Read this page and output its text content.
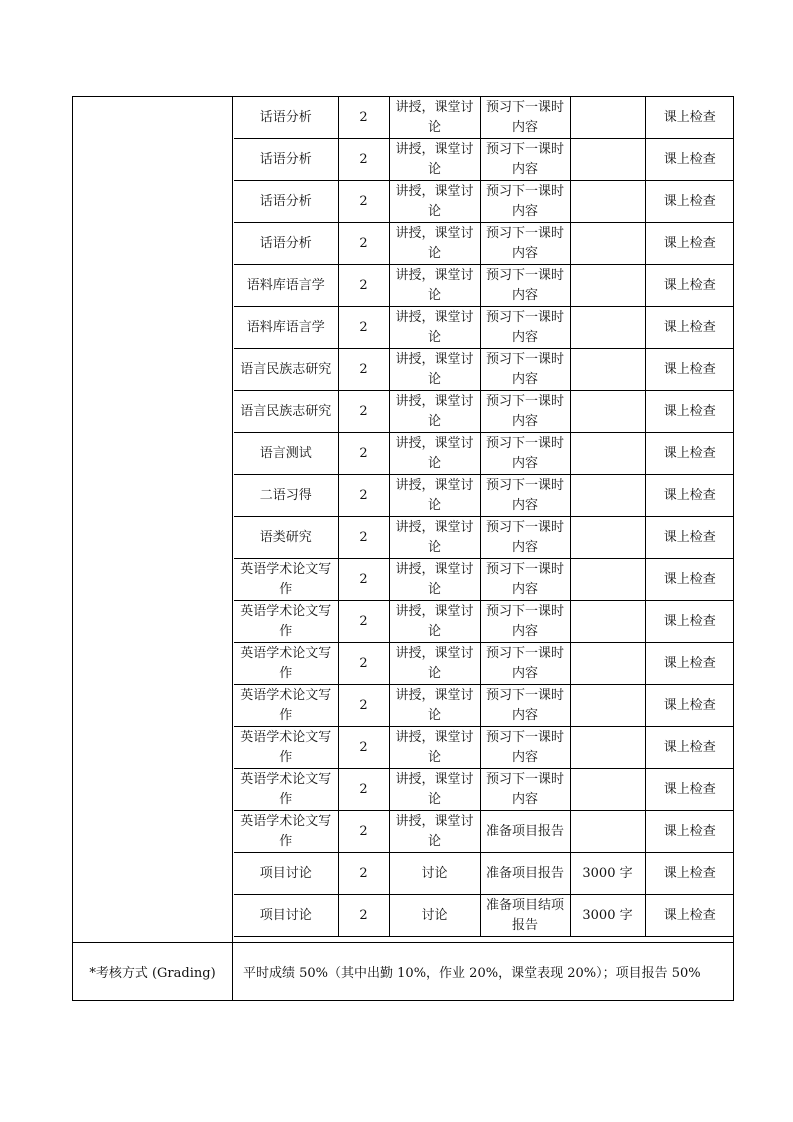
话语分析	2	讲授，课堂讨论	预习下一课时内容		课上检查
话语分析	2	讲授，课堂讨论	预习下一课时内容		课上检查
话语分析	2	讲授，课堂讨论	预习下一课时内容		课上检查
话语分析	2	讲授，课堂讨论	预习下一课时内容		课上检查
语料库语言学	2	讲授，课堂讨论	预习下一课时内容		课上检查
语料库语言学	2	讲授，课堂讨论	预习下一课时内容		课上检查
语言民族志研究	2	讲授，课堂讨论	预习下一课时内容		课上检查
语言民族志研究	2	讲授，课堂讨论	预习下一课时内容		课上检查
语言测试	2	讲授，课堂讨论	预习下一课时内容		课上检查
二语习得	2	讲授，课堂讨论	预习下一课时内容		课上检查
语类研究	2	讲授，课堂讨论	预习下一课时内容		课上检查
英语学术论文写作	2	讲授，课堂讨论	预习下一课时内容		课上检查
英语学术论文写作	2	讲授，课堂讨论	预习下一课时内容		课上检查
英语学术论文写作	2	讲授，课堂讨论	预习下一课时内容		课上检查
英语学术论文写作	2	讲授，课堂讨论	预习下一课时内容		课上检查
英语学术论文写作	2	讲授，课堂讨论	预习下一课时内容		课上检查
英语学术论文写作	2	讲授，课堂讨论	预习下一课时内容		课上检查
英语学术论文写作	2	讲授，课堂讨论	准备项目报告		课上检查
项目讨论	2	讨论	准备项目报告	3000 字	课上检查
项目讨论	2	讨论	准备项目结项报告	3000 字	课上检查
*考核方式 (Grading)	平时成绩 50%（其中出勤 10%，作业 20%，课堂表现 20%）；项目报告 50%
